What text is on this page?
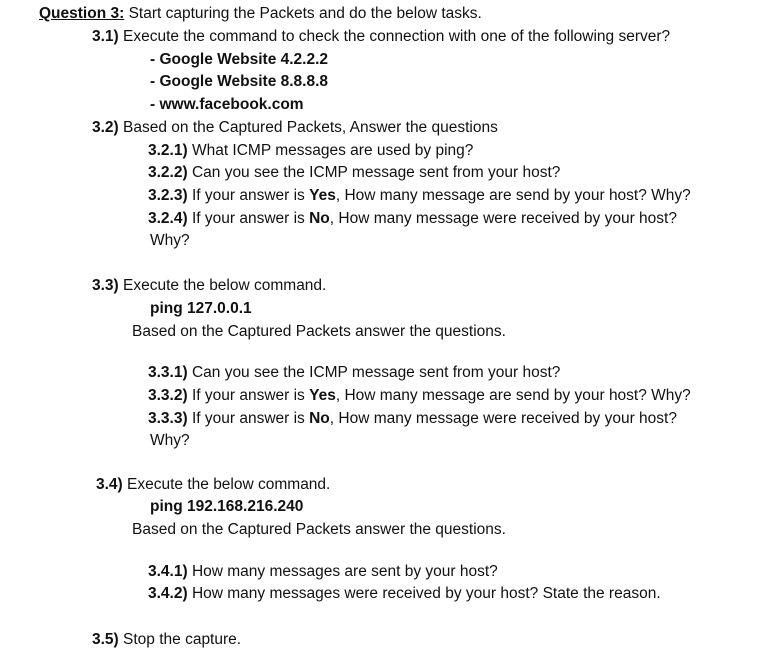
Question 3: Start capturing the Packets and do the below tasks.
3.1) Execute the command to check the connection with one of the following server?
- Google Website 4.2.2.2
- Google Website 8.8.8.8
- www.facebook.com
3.2) Based on the Captured Packets, Answer the questions
3.2.1) What ICMP messages are used by ping?
3.2.2) Can you see the ICMP message sent from your host?
3.2.3) If your answer is Yes, How many message are send by your host? Why?
3.2.4) If your answer is No, How many message were received by your host?
Why?
3.3) Execute the below command.
ping 127.0.0.1
Based on the Captured Packets answer the questions.
3.3.1) Can you see the ICMP message sent from your host?
3.3.2) If your answer is Yes, How many message are send by your host? Why?
3.3.3) If your answer is No, How many message were received by your host?
Why?
3.4) Execute the below command.
ping 192.168.216.240
Based on the Captured Packets answer the questions.
3.4.1) How many messages are sent by your host?
3.4.2) How many messages were received by your host? State the reason.
3.5) Stop the capture.
